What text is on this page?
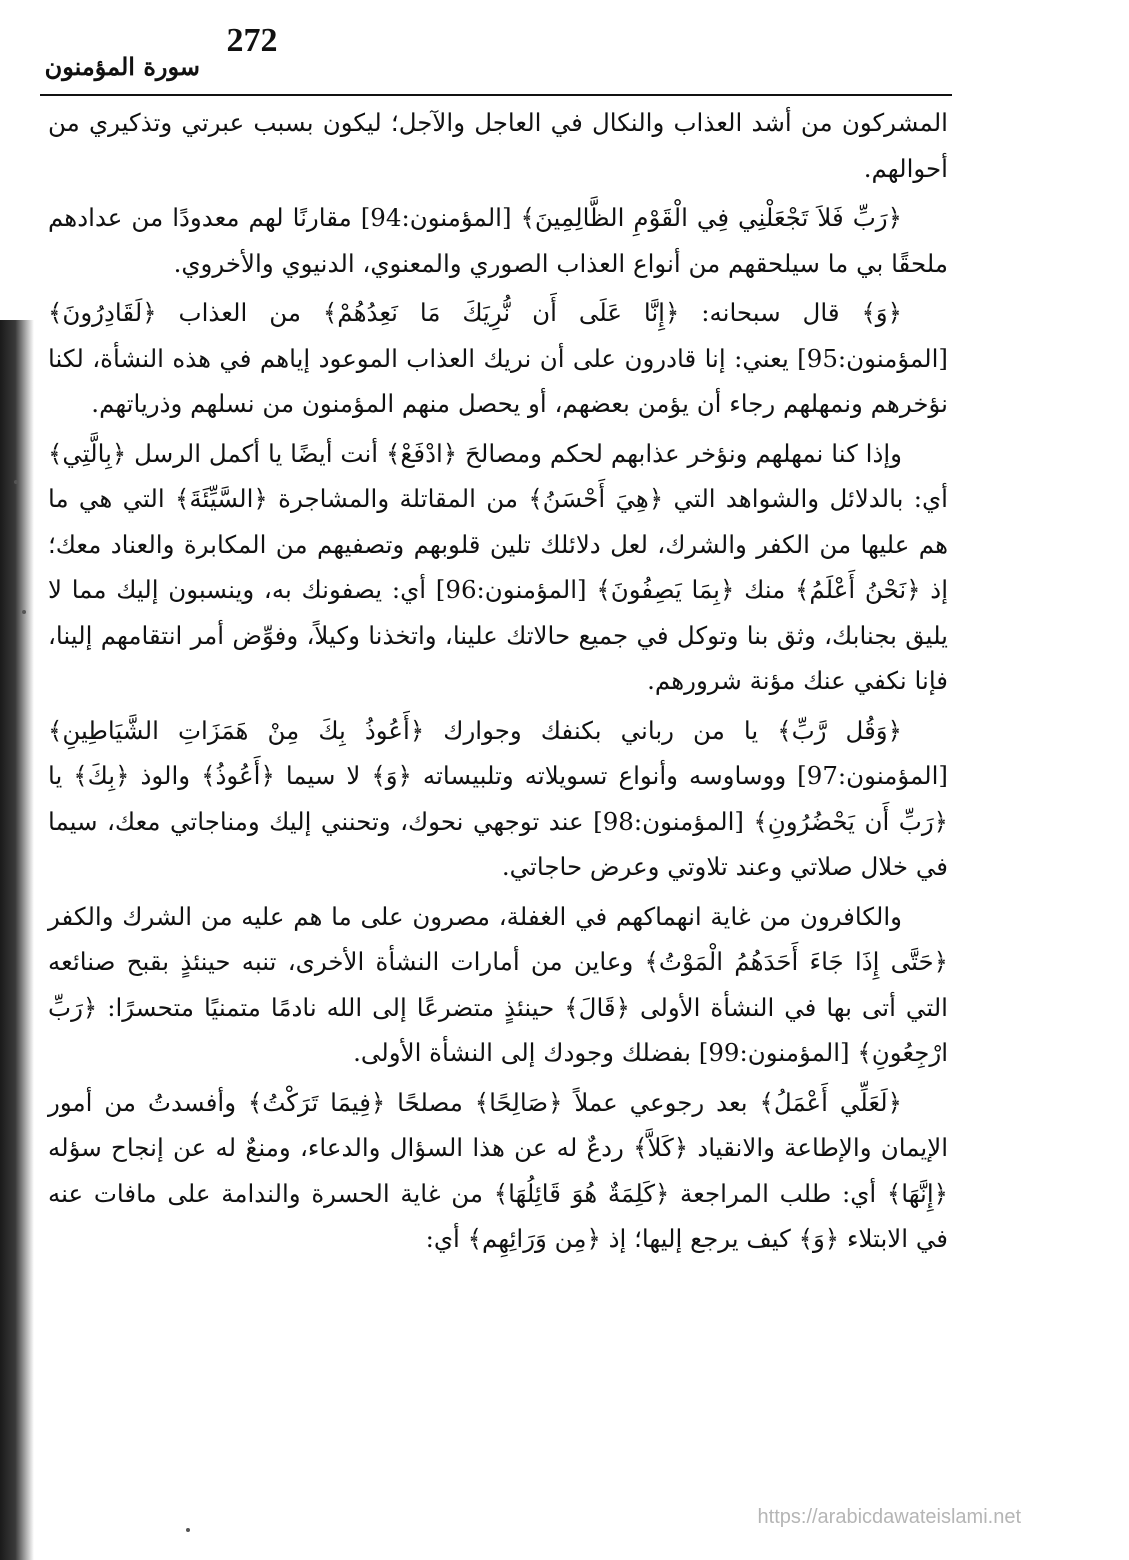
272
سورة المؤمنون

المشركون من أشد العذاب والنكال في العاجل والآجل؛ ليكون بسبب عبرتي وتذكيري من أحوالهم.

﴿رَبِّ فَلاَ تَجْعَلْنِي فِي الْقَوْمِ الظَّالِمِينَ﴾ [المؤمنون:94] مقارنًا لهم معدودًا من عدادهم ملحقًا بي ما سيلحقهم من أنواع العذاب الصوري والمعنوي، الدنيوي والأخروي.

﴿وَ﴾ قال سبحانه: ﴿إِنَّا عَلَى أَن نُّرِيَكَ مَا نَعِدُهُمْ﴾ من العذاب ﴿لَقَادِرُونَ﴾ [المؤمنون:95] يعني: إنا قادرون على أن نريك العذاب الموعود إياهم في هذه النشأة، لكنا نؤخرهم ونمهلهم رجاء أن يؤمن بعضهم، أو يحصل منهم المؤمنون من نسلهم وذرياتهم.

وإذا كنا نمهلهم ونؤخر عذابهم لحكم ومصالحَ ﴿ادْفَعْ﴾ أنت أيضًا يا أكمل الرسل ﴿بِالَّتِي﴾ أي: بالدلائل والشواهد التي ﴿هِيَ أَحْسَنُ﴾ من المقاتلة والمشاجرة ﴿السَّيِّئَةَ﴾ التي هي ما هم عليها من الكفر والشرك، لعل دلائلك تلين قلوبهم وتصفيهم من المكابرة والعناد معك؛ إذ ﴿نَحْنُ أَعْلَمُ﴾ منك ﴿بِمَا يَصِفُونَ﴾ [المؤمنون:96] أي: يصفونك به، وينسبون إليك مما لا يليق بجنابك، وثق بنا وتوكل في جميع حالاتك علينا، واتخذنا وكيلاً، وفوِّض أمر انتقامهم إلينا، فإنا نكفي عنك مؤنة شرورهم.

﴿وَقُل رَّبِّ﴾ يا من رباني بكنفك وجوارك ﴿أَعُوذُ بِكَ مِنْ هَمَزَاتِ الشَّيَاطِينِ﴾ [المؤمنون:97] ووساوسه وأنواع تسويلاته وتلبيساته ﴿وَ﴾ لا سيما ﴿أَعُوذُ﴾ والوذ ﴿بِكَ﴾ يا ﴿رَبِّ أَن يَحْضُرُونِ﴾ [المؤمنون:98] عند توجهي نحوك، وتحنني إليك ومناجاتي معك، سيما في خلال صلاتي وعند تلاوتي وعرض حاجاتي.

والكافرون من غاية انهماكهم في الغفلة، مصرون على ما هم عليه من الشرك والكفر ﴿حَتَّى إِذَا جَاءَ أَحَدَهُمُ الْمَوْتُ﴾ وعاين من أمارات النشأة الأخرى، تنبه حينئذٍ بقبح صنائعه التي أتى بها في النشأة الأولى ﴿قَالَ﴾ حينئذٍ متضرعًا إلى الله نادمًا متمنيًا متحسرًا: ﴿رَبِّ ارْجِعُونِ﴾ [المؤمنون:99] بفضلك وجودك إلى النشأة الأولى.

﴿لَعَلِّي أَعْمَلُ﴾ بعد رجوعي عملاً ﴿صَالِحًا﴾ مصلحًا ﴿فِيمَا تَرَكْتُ﴾ وأفسدتُ من أمور الإيمان والإطاعة والانقياد ﴿كَلاَّ﴾ ردعٌ له عن هذا السؤال والدعاء، ومنعٌ له عن إنجاح سؤله ﴿إِنَّهَا﴾ أي: طلب المراجعة ﴿كَلِمَةٌ هُوَ قَائِلُهَا﴾ من غاية الحسرة والندامة على مافات عنه في الابتلاء ﴿وَ﴾ كيف يرجع إليها؛ إذ ﴿مِن وَرَائِهِم﴾ أي:

https://arabicdawateislami.net
